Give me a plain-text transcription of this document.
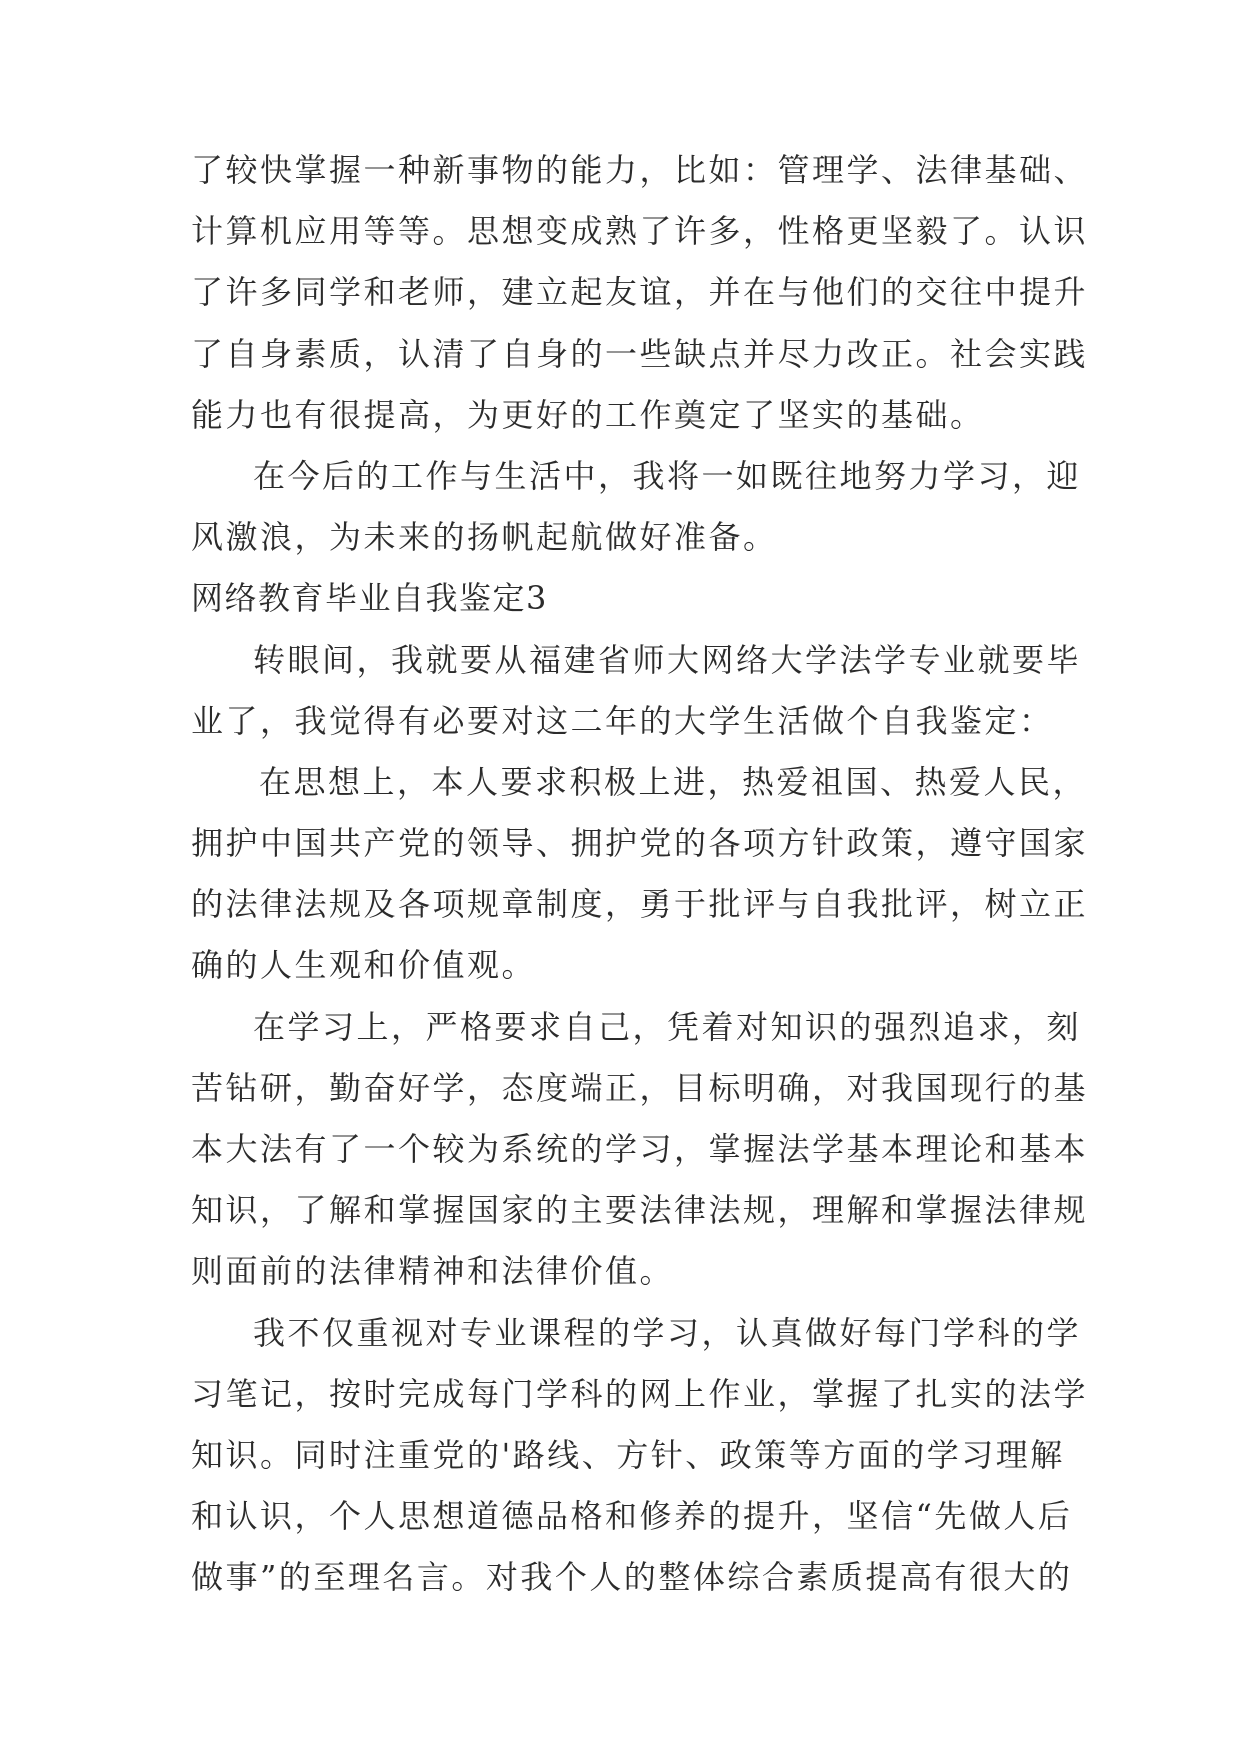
了较快掌握一种新事物的能力，比如：管理学、法律基础、
计算机应用等等。思想变成熟了许多，性格更坚毅了。认识
了许多同学和老师，建立起友谊，并在与他们的交往中提升
了自身素质，认清了自身的一些缺点并尽力改正。社会实践
能力也有很提高，为更好的工作奠定了坚实的基础。
在今后的工作与生活中，我将一如既往地努力学习，迎
风激浪，为未来的扬帆起航做好准备。
网络教育毕业自我鉴定3
转眼间，我就要从福建省师大网络大学法学专业就要毕
业了，我觉得有必要对这二年的大学生活做个自我鉴定：
在思想上，本人要求积极上进，热爱祖国、热爱人民，
拥护中国共产党的领导、拥护党的各项方针政策，遵守国家
的法律法规及各项规章制度，勇于批评与自我批评，树立正
确的人生观和价值观。
在学习上，严格要求自己，凭着对知识的强烈追求，刻
苦钻研，勤奋好学，态度端正，目标明确，对我国现行的基
本大法有了一个较为系统的学习，掌握法学基本理论和基本
知识，了解和掌握国家的主要法律法规，理解和掌握法律规
则面前的法律精神和法律价值。
我不仅重视对专业课程的学习，认真做好每门学科的学
习笔记，按时完成每门学科的网上作业，掌握了扎实的法学
知识。同时注重党的'路线、方针、政策等方面的学习理解
和认识，个人思想道德品格和修养的提升，坚信“先做人后
做事”的至理名言。对我个人的整体综合素质提高有很大的
